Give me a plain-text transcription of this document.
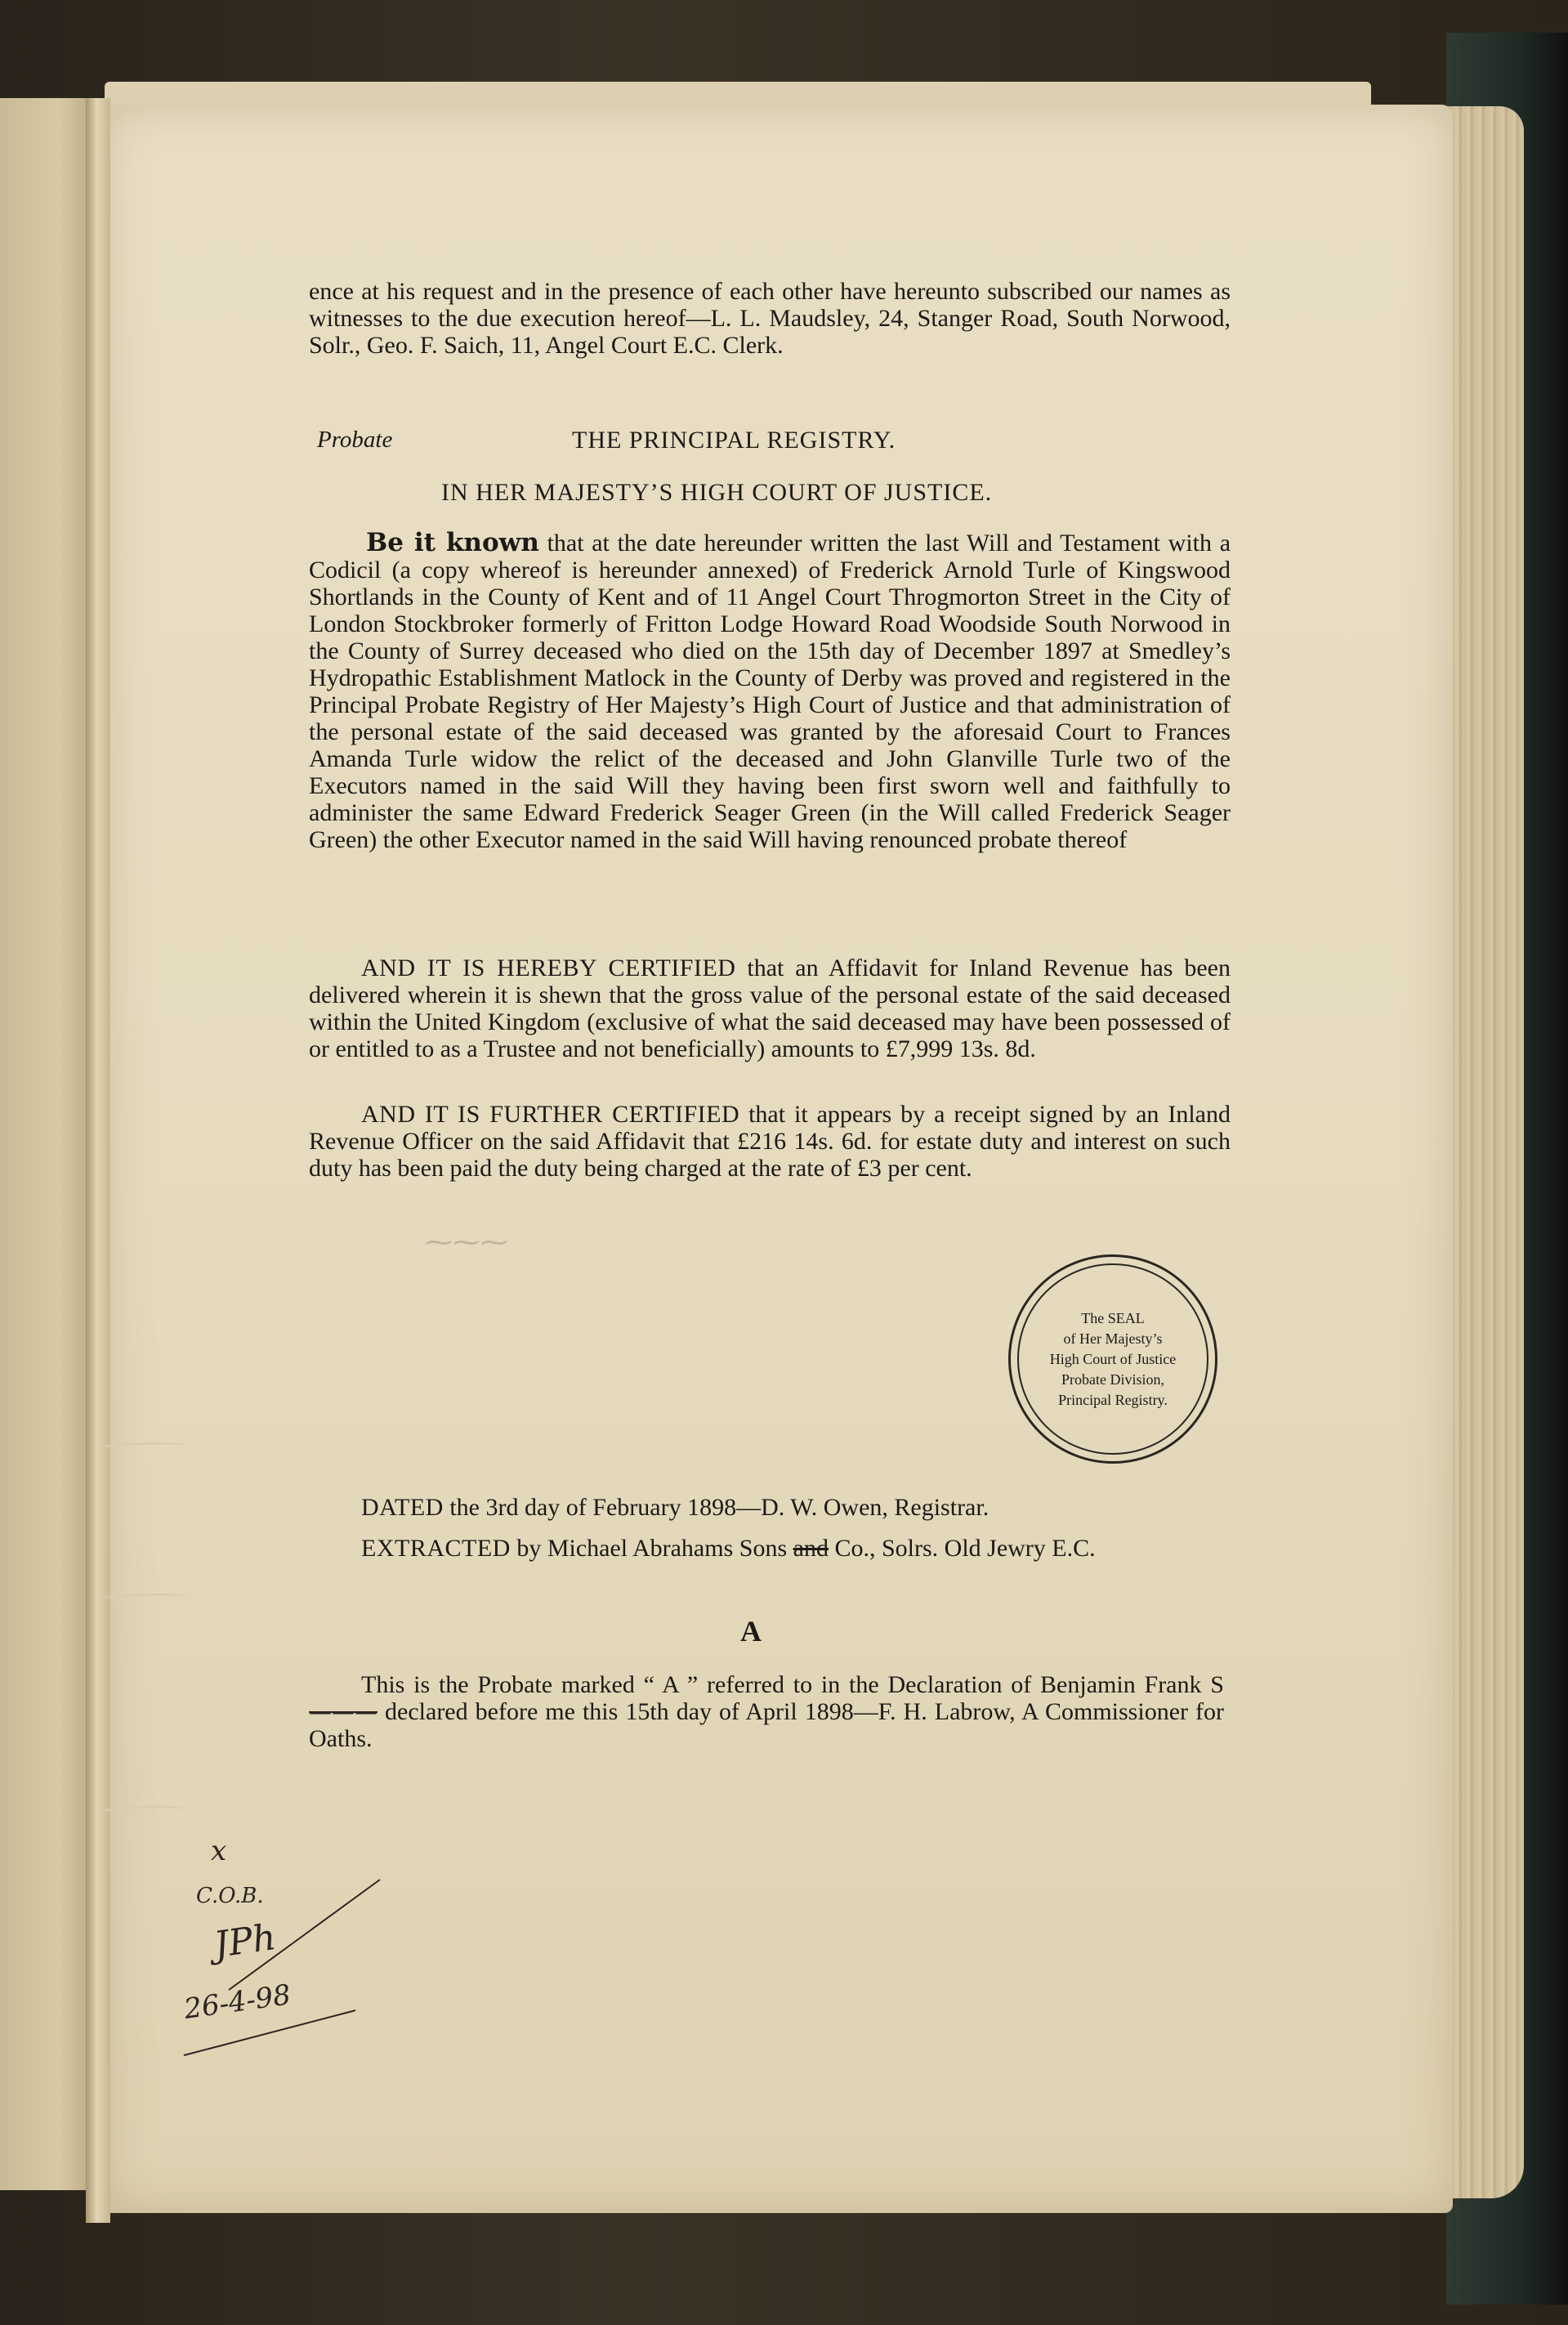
ence at his request and in the presence of each other have hereunto subscribed our names as witnesses to the due execution hereof—L. L. Maudsley, 24, Stanger Road, South Norwood, Solr., Geo. F. Saich, 11, Angel Court E.C. Clerk.
Probate	THE PRINCIPAL REGISTRY.
IN HER MAJESTY’S HIGH COURT OF JUSTICE.
Be it known that at the date hereunder written the last Will and Testament with a Codicil (a copy whereof is hereunder annexed) of Frederick Arnold Turle of Kingswood Shortlands in the County of Kent and of 11 Angel Court Throgmorton Street in the City of London Stockbroker formerly of Fritton Lodge Howard Road Woodside South Norwood in the County of Surrey deceased who died on the 15th day of December 1897 at Smedley’s Hydropathic Establishment Matlock in the County of Derby was proved and registered in the Principal Probate Registry of Her Majesty’s High Court of Justice and that administration of the personal estate of the said deceased was granted by the aforesaid Court to Frances Amanda Turle widow the relict of the deceased and John Glanville Turle two of the Executors named in the said Will they having been first sworn well and faithfully to administer the same Edward Frederick Seager Green (in the Will called Frederick Seager Green) the other Executor named in the said Will having renounced probate thereof
AND IT IS HEREBY CERTIFIED that an Affidavit for Inland Revenue has been delivered wherein it is shewn that the gross value of the personal estate of the said deceased within the United Kingdom (exclusive of what the said deceased may have been possessed of or entitled to as a Trustee and not beneficially) amounts to £7,999 13s. 8d.
AND IT IS FURTHER CERTIFIED that it appears by a receipt signed by an Inland Revenue Officer on the said Affidavit that £216 14s. 6d. for estate duty and interest on such duty has been paid the duty being charged at the rate of £3 per cent.
⁓⁓⁓
The SEAL
of Her Majesty’s
High Court of Justice
Probate Division,
Principal Registry.
DATED the 3rd day of February 1898—D. W. Owen, Registrar.
EXTRACTED by Michael Abrahams Sons and Co., Solrs. Old Jewry E.C.
A
This is the Probate marked “ A ” referred to in the Declaration of Benjamin Frank S——— declared before me this 15th day of April 1898—F. H. Labrow, A Commissioner for Oaths.
x
C.O.B.
JPh
26-4-98
